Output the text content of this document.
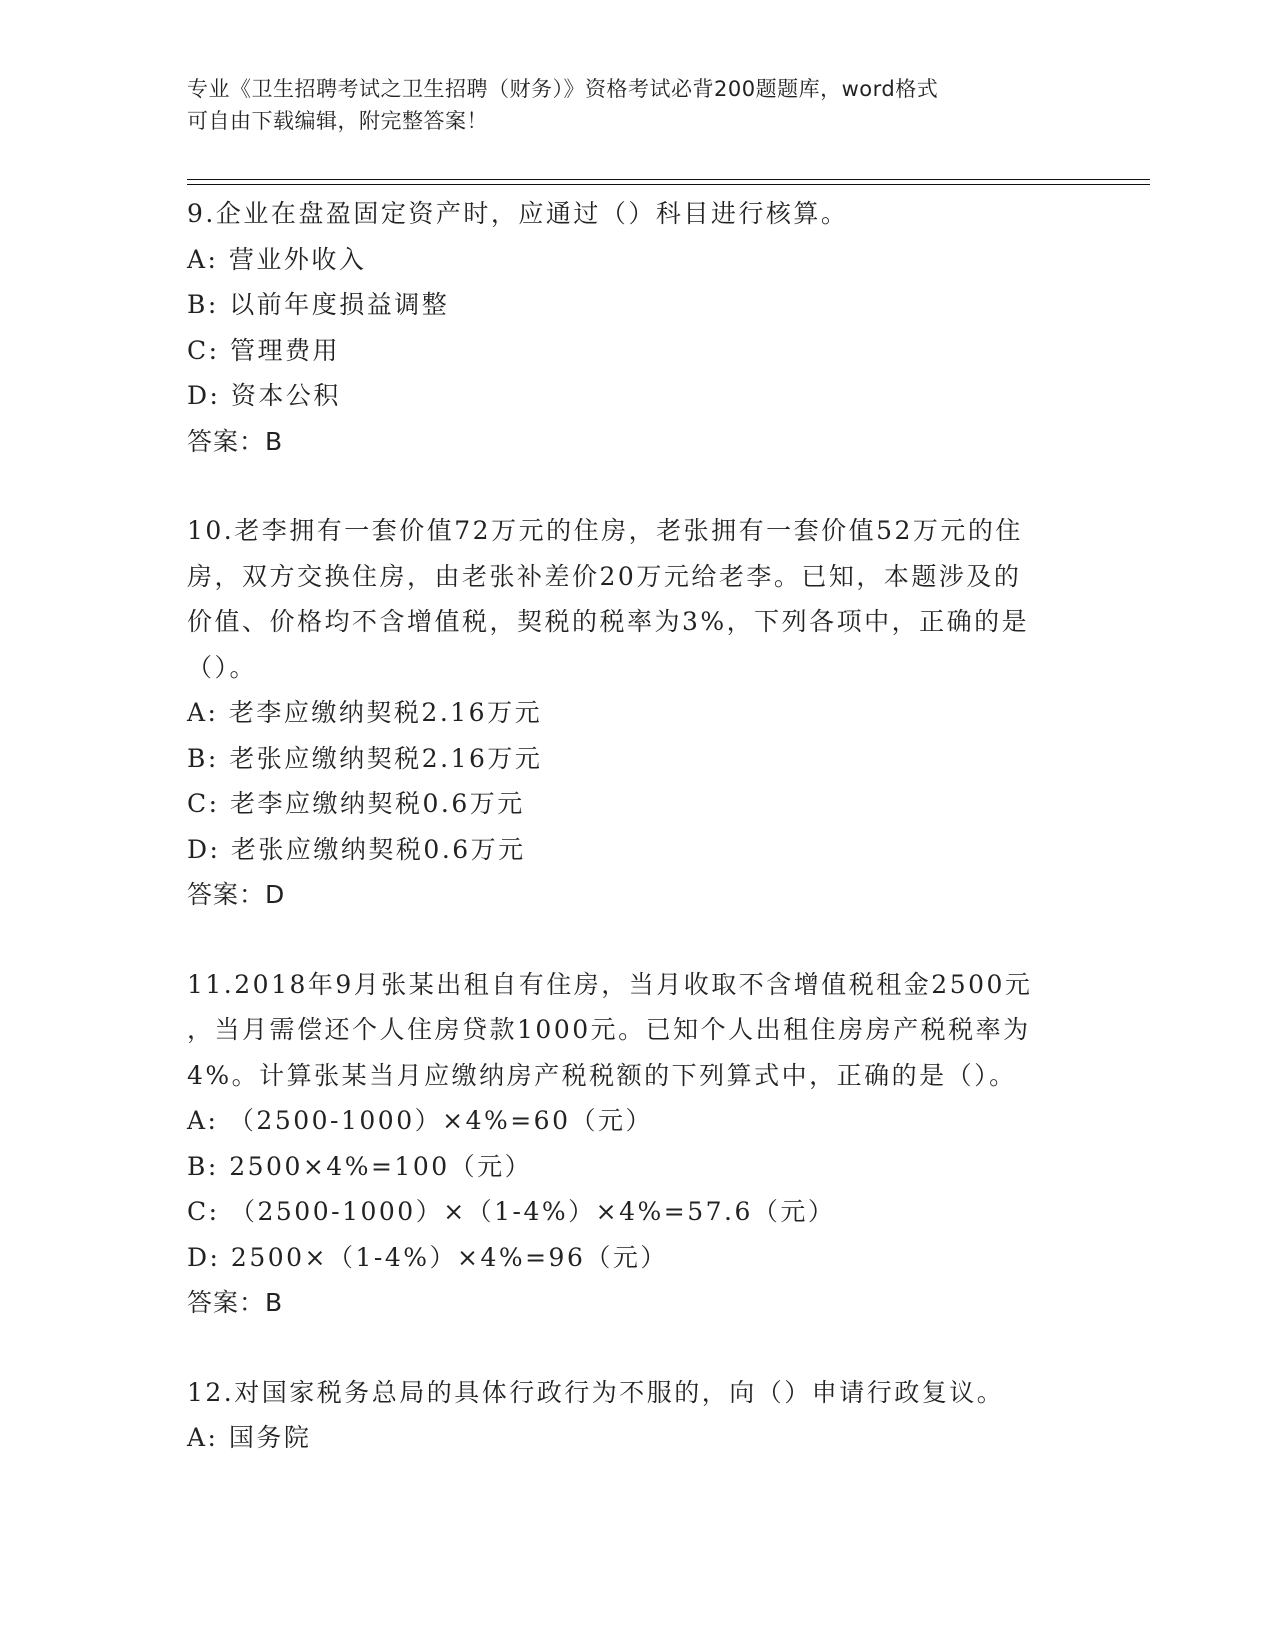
专业《卫生招聘考试之卫生招聘（财务）》资格考试必背200题题库，word格式
可自由下载编辑，附完整答案！
9.企业在盘盈固定资产时，应通过（）科目进行核算。
A: 营业外收入
B: 以前年度损益调整
C: 管理费用
D: 资本公积
答案：B
10.老李拥有一套价值72万元的住房，老张拥有一套价值52万元的住
房，双方交换住房，由老张补差价20万元给老李。已知，本题涉及的
价值、价格均不含增值税，契税的税率为3%，下列各项中，正确的是
（）。
A: 老李应缴纳契税2.16万元
B: 老张应缴纳契税2.16万元
C: 老李应缴纳契税0.6万元
D: 老张应缴纳契税0.6万元
答案：D
11.2018年9月张某出租自有住房，当月收取不含增值税租金2500元
，当月需偿还个人住房贷款1000元。已知个人出租住房房产税税率为
4%。计算张某当月应缴纳房产税税额的下列算式中，正确的是（）。
A: （2500-1000）×4%=60（元）
B: 2500×4%=100（元）
C: （2500-1000）×（1-4%）×4%=57.6（元）
D: 2500×（1-4%）×4%=96（元）
答案：B
12.对国家税务总局的具体行政行为不服的，向（）申请行政复议。
A: 国务院
